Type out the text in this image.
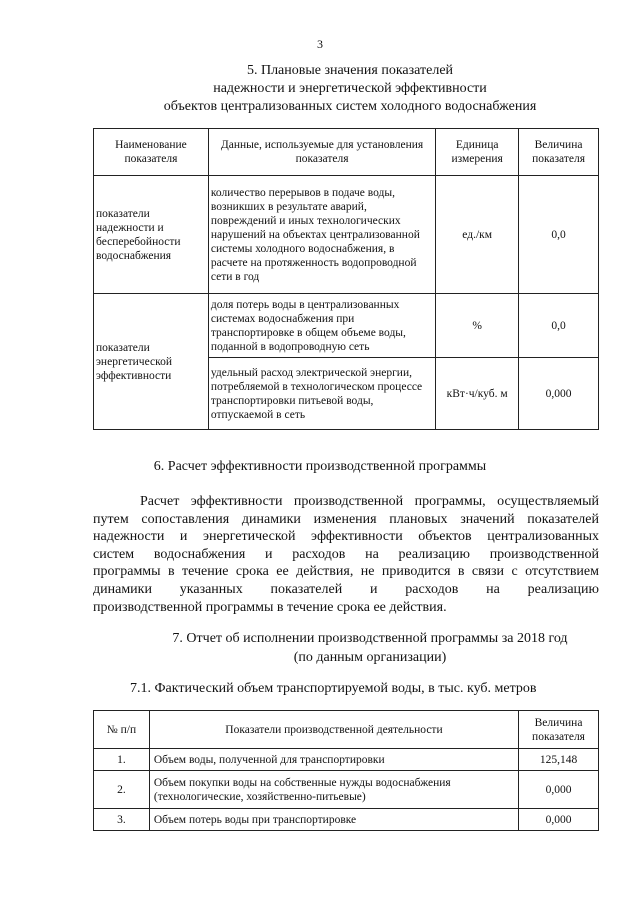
3
5. Плановые значения показателей
надежности и энергетической эффективности
объектов централизованных систем холодного водоснабжения
Наименование показателя	Данные, используемые для установления показателя	Единица измерения	Величина показателя
показатели надежности и бесперебойности водоснабжения	количество перерывов в подаче воды, возникших в результате аварий, повреждений и иных технологических нарушений на объектах централизованной системы холодного водоснабжения, в расчете на протяженность водопроводной сети в год	ед./км	0,0
показатели энергетической эффективности	доля потерь воды в централизованных системах водоснабжения при транспортировке в общем объеме воды, поданной в водопроводную сеть	%	0,0
	удельный расход электрической энергии, потребляемой в технологическом процессе транспортировки питьевой воды, отпускаемой в сеть	кВт·ч/куб. м	0,000
6. Расчет эффективности производственной программы
Расчет эффективности производственной программы, осуществляемый
путем сопоставления динамики изменения плановых значений показателей
надежности и энергетической эффективности объектов централизованных
систем водоснабжения и расходов на реализацию производственной
программы в течение срока ее действия, не приводится в связи с отсутствием
динамики указанных показателей и расходов на реализацию
производственной программы в течение срока ее действия.
7. Отчет об исполнении производственной программы за 2018 год
(по данным организации)
7.1. Фактический объем транспортируемой воды, в тыс. куб. метров
№ п/п	Показатели производственной деятельности	Величина показателя
1.	Объем воды, полученной для транспортировки	125,148
2.	Объем покупки воды на собственные нужды водоснабжения (технологические, хозяйственно-питьевые)	0,000
3.	Объем потерь воды при транспортировке	0,000
